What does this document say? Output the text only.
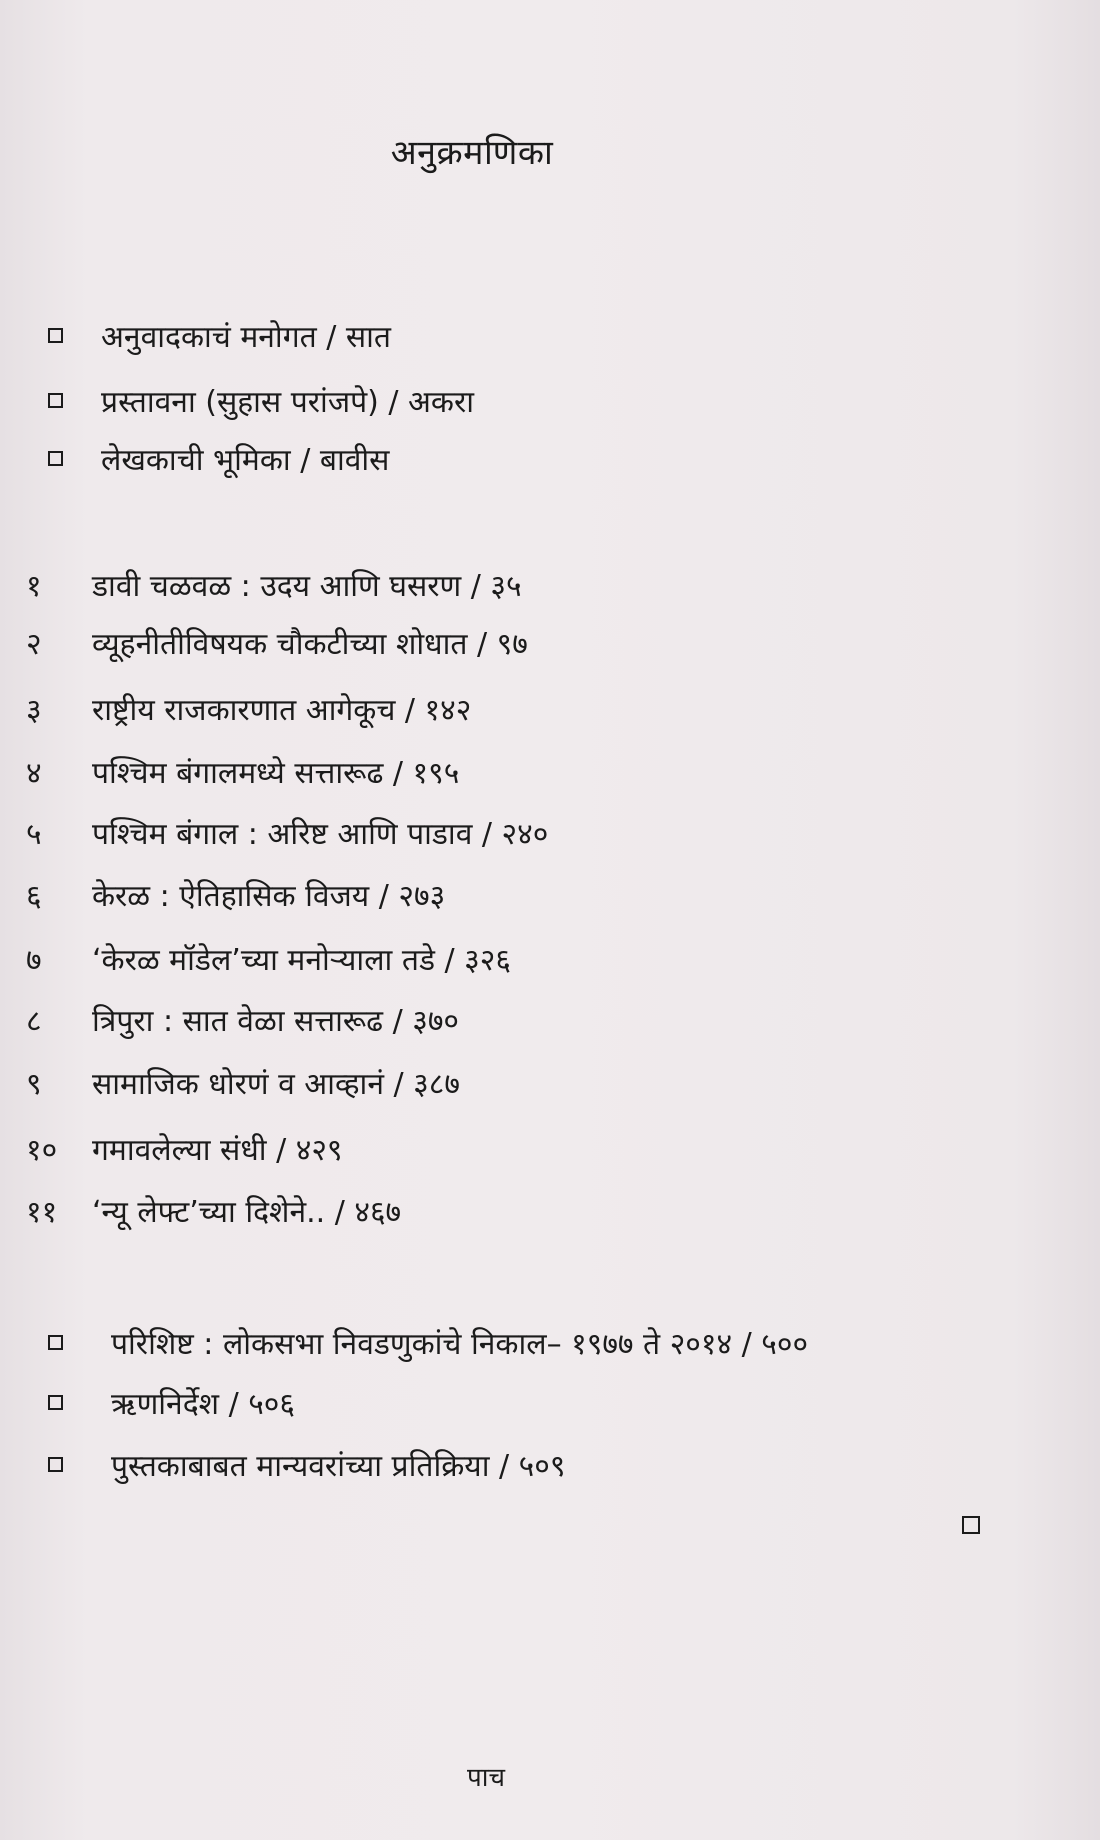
अनुक्रमणिका
अनुवादकाचं मनोगत / सात
प्रस्तावना (सुहास परांजपे) / अकरा
लेखकाची भूमिका / बावीस
१	डावी चळवळ : उदय आणि घसरण / ३५
२	व्यूहनीतीविषयक चौकटीच्या शोधात / ९७
३	राष्ट्रीय राजकारणात आगेकूच / १४२
४	पश्चिम बंगालमध्ये सत्तारूढ / १९५
५	पश्चिम बंगाल : अरिष्ट आणि पाडाव / २४०
६	केरळ : ऐतिहासिक विजय / २७३
७	‘केरळ मॉडेल’च्या मनोऱ्याला तडे / ३२६
८	त्रिपुरा : सात वेळा सत्तारूढ / ३७०
९	सामाजिक धोरणं व आव्हानं / ३८७
१०	गमावलेल्या संधी / ४२९
११	‘न्यू लेफ्ट’च्या दिशेने.. / ४६७
परिशिष्ट : लोकसभा निवडणुकांचे निकाल– १९७७ ते २०१४ / ५००
ऋणनिर्देश / ५०६
पुस्तकाबाबत मान्यवरांच्या प्रतिक्रिया / ५०९
पाच
